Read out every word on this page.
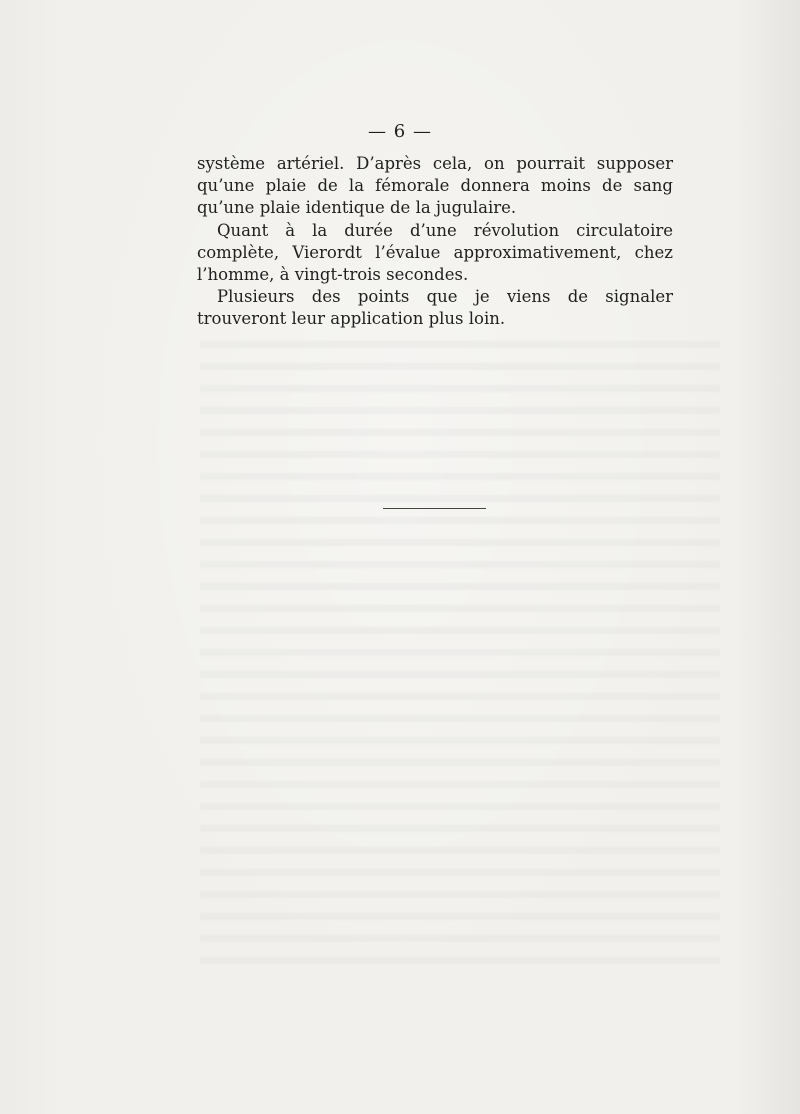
— 6 —

système artériel. D’après cela, on pourrait supposer qu’une plaie de la fémorale donnera moins de sang qu’une plaie identique de la jugulaire.

Quant à la durée d’une révolution circulatoire complète, Vierordt l’évalue approximativement, chez l’homme, à vingt-trois secondes.

Plusieurs des points que je viens de signaler trouveront leur application plus loin.
